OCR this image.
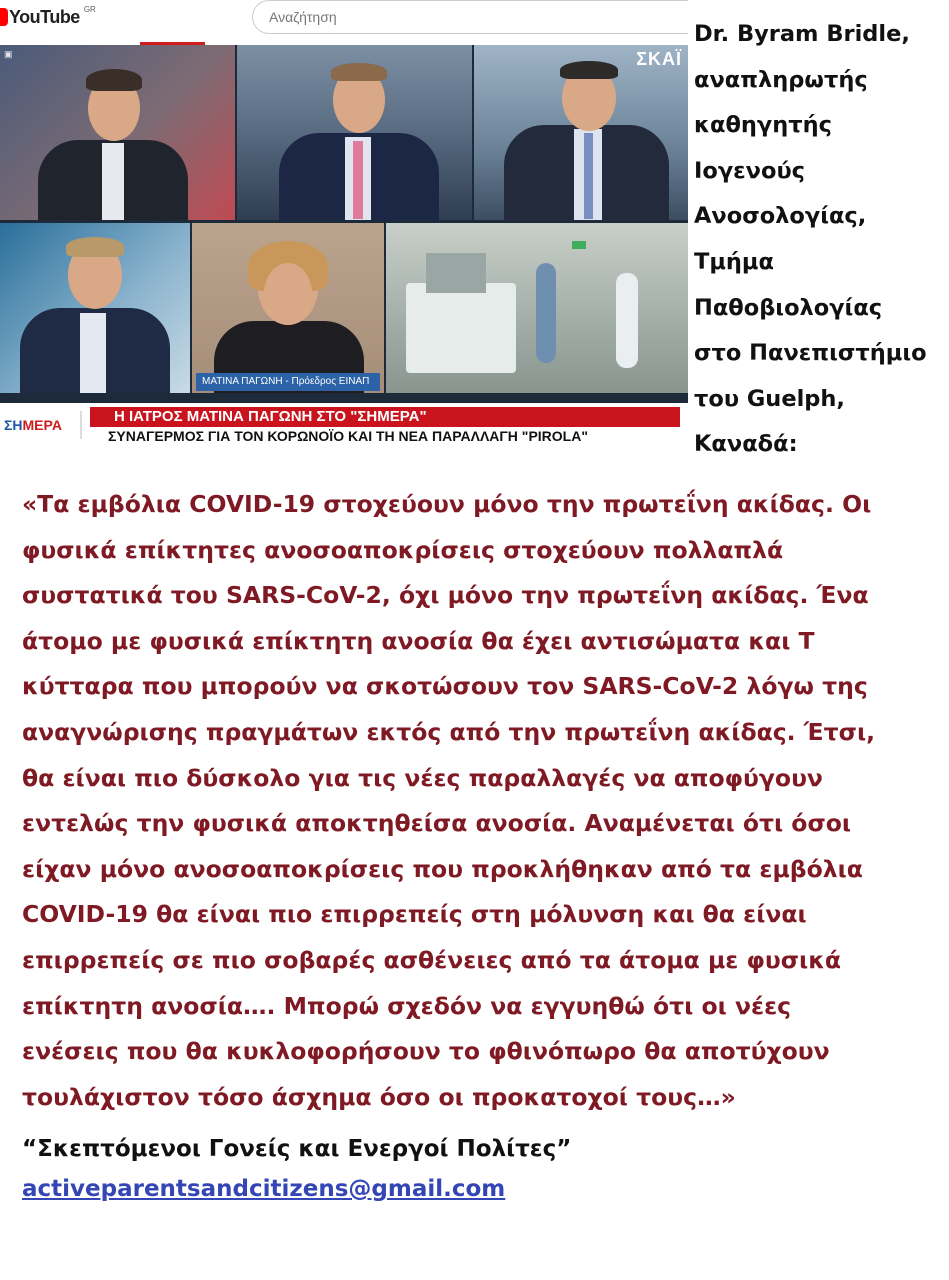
YouTube GR
Αναζήτηση
▣	ΣΚΑΪ
ΜΑΤΙΝΑ ΠΑΓΩΝΗ - Πρόεδρος ΕΙΝΑΠ
ΣΗΜΕΡΑ	Η ΙΑΤΡΟΣ ΜΑΤΙΝΑ ΠΑΓΩΝΗ ΣΤΟ "ΣΗΜΕΡΑ"
ΣΥΝΑΓΕΡΜΟΣ ΓΙΑ ΤΟΝ ΚΟΡΩΝΟΪΟ ΚΑΙ ΤΗ ΝΕΑ ΠΑΡΑΛΛΑΓΗ "PIROLA"
Dr. Byram Bridle,
αναπληρωτής
καθηγητής
Ιογενούς
Ανοσολογίας,
Τμήμα
Παθοβιολογίας
στο Πανεπιστήμιο
του Guelph,
Καναδά:
«Τα εμβόλια COVID-19 στοχεύουν μόνο την πρωτεΐνη ακίδας. Οι
φυσικά επίκτητες ανοσοαποκρίσεις στοχεύουν πολλαπλά
συστατικά του SARS-CoV-2, όχι μόνο την πρωτεΐνη ακίδας. Ένα
άτομο με φυσικά επίκτητη ανοσία θα έχει αντισώματα και Τ
κύτταρα που μπορούν να σκοτώσουν τον SARS-CoV-2 λόγω της
αναγνώρισης πραγμάτων εκτός από την πρωτεΐνη ακίδας. Έτσι,
θα είναι πιο δύσκολο για τις νέες παραλλαγές να αποφύγουν
εντελώς την φυσικά αποκτηθείσα ανοσία. Αναμένεται ότι όσοι
είχαν μόνο ανοσοαποκρίσεις που προκλήθηκαν από τα εμβόλια
COVID-19 θα είναι πιο επιρρεπείς στη μόλυνση και θα είναι
επιρρεπείς σε πιο σοβαρές ασθένειες από τα άτομα με φυσικά
επίκτητη ανοσία…. Μπορώ σχεδόν να εγγυηθώ ότι οι νέες
ενέσεις που θα κυκλοφορήσουν το φθινόπωρο θα αποτύχουν
τουλάχιστον τόσο άσχημα όσο οι προκατοχοί τους…»
“Σκεπτόμενοι Γονείς και Ενεργοί Πολίτες”
activeparentsandcitizens@gmail.com
